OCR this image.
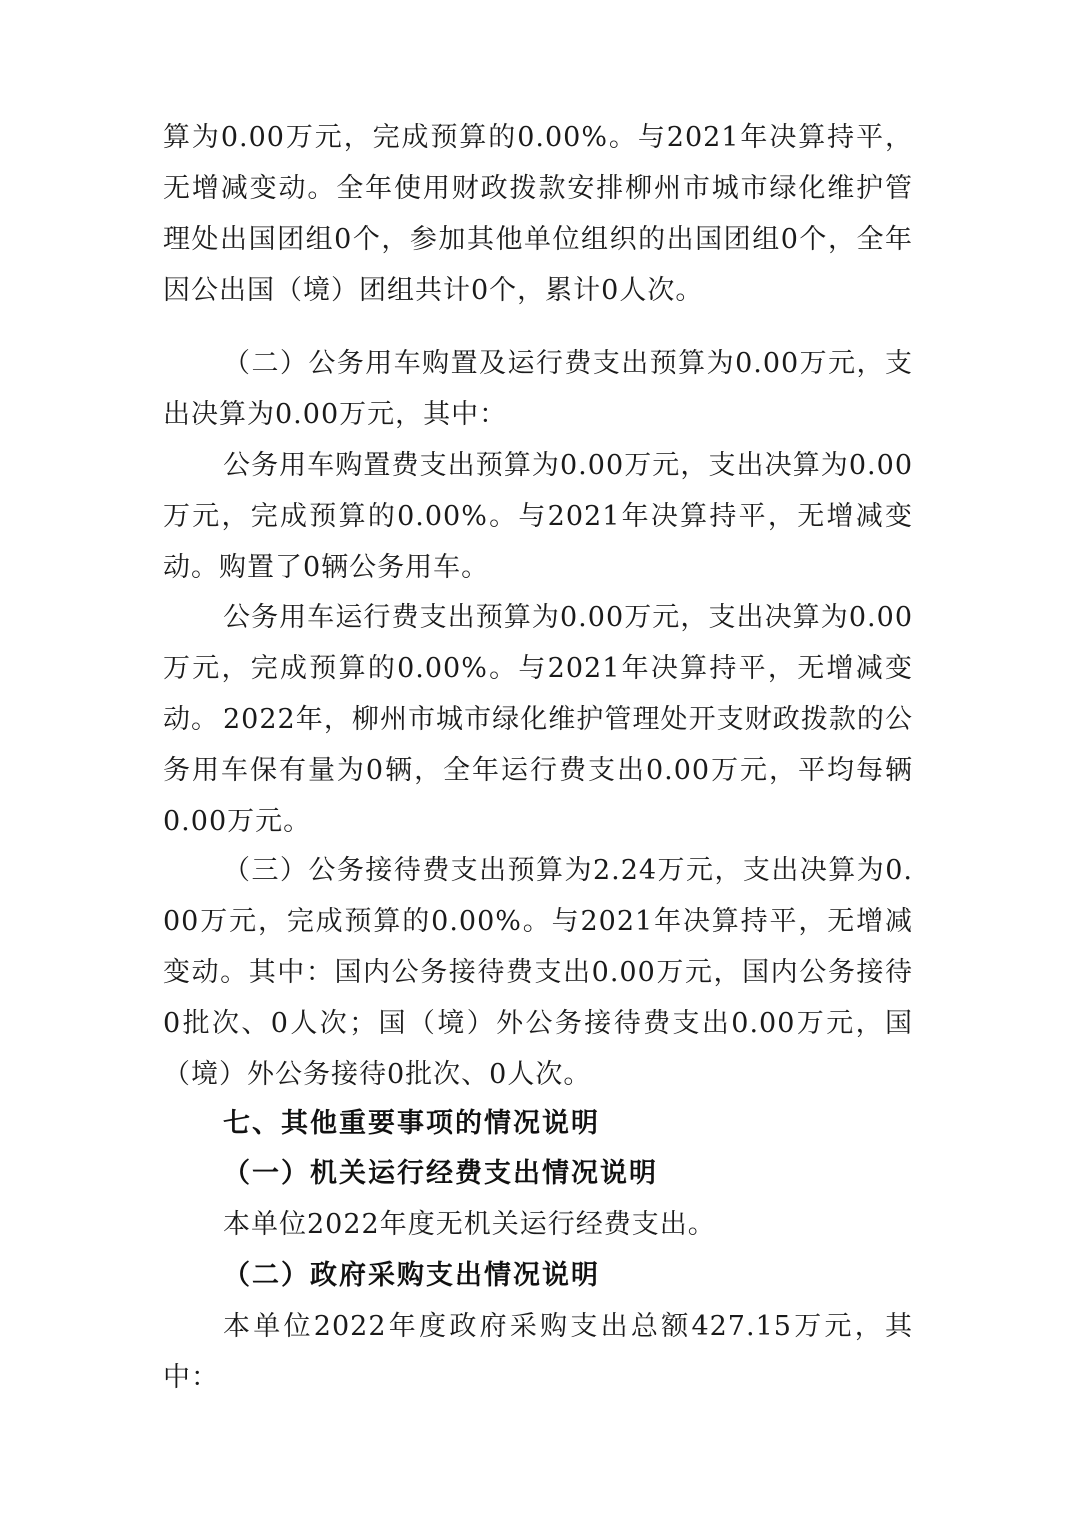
算为0.00万元，完成预算的0.00%。与2021年决算持平，无增减变动。全年使用财政拨款安排柳州市城市绿化维护管理处出国团组0个，参加其他单位组织的出国团组0个，全年因公出国（境）团组共计0个，累计0人次。

（二）公务用车购置及运行费支出预算为0.00万元，支出决算为0.00万元，其中：

公务用车购置费支出预算为0.00万元，支出决算为0.00万元，完成预算的0.00%。与2021年决算持平，无增减变动。购置了0辆公务用车。

公务用车运行费支出预算为0.00万元，支出决算为0.00万元，完成预算的0.00%。与2021年决算持平，无增减变动。 2022年，柳州市城市绿化维护管理处开支财政拨款的公务用车保有量为0辆，全年运行费支出0.00万元，平均每辆0.00万元。

（三）公务接待费支出预算为2.24万元，支出决算为0.00万元，完成预算的0.00%。与2021年决算持平，无增减变动。其中：国内公务接待费支出0.00万元，国内公务接待0批次、0人次；国（境）外公务接待费支出0.00万元，国（境）外公务接待0批次、0人次。

七、其他重要事项的情况说明
（一）机关运行经费支出情况说明

本单位2022年度无机关运行经费支出。

（二）政府采购支出情况说明

本单位2022年度政府采购支出总额427.15万元，其中：
